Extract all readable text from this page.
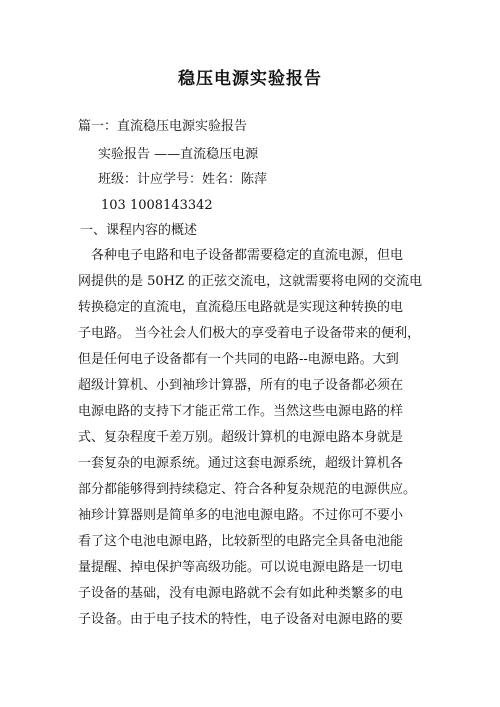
稳压电源实验报告
篇一：直流稳压电源实验报告
实验报告 ——直流稳压电源
班级：计应学号：姓名：陈萍
103 1008143342
一、课程内容的概述
　各种电子电路和电子设备都需要稳定的直流电源，但电
网提供的是 50HZ 的正弦交流电，这就需要将电网的交流电
转换稳定的直流电，直流稳压电路就是实现这种转换的电
子电路。 当今社会人们极大的享受着电子设备带来的便利，
但是任何电子设备都有一个共同的电路--电源电路。大到
超级计算机、小到袖珍计算器，所有的电子设备都必须在
电源电路的支持下才能正常工作。当然这些电源电路的样
式、复杂程度千差万别。超级计算机的电源电路本身就是
一套复杂的电源系统。通过这套电源系统，超级计算机各
部分都能够得到持续稳定、符合各种复杂规范的电源供应。
袖珍计算器则是简单多的电池电源电路。不过你可不要小
看了这个电池电源电路，比较新型的电路完全具备电池能
量提醒、掉电保护等高级功能。可以说电源电路是一切电
子设备的基础，没有电源电路就不会有如此种类繁多的电
子设备。由于电子技术的特性，电子设备对电源电路的要
